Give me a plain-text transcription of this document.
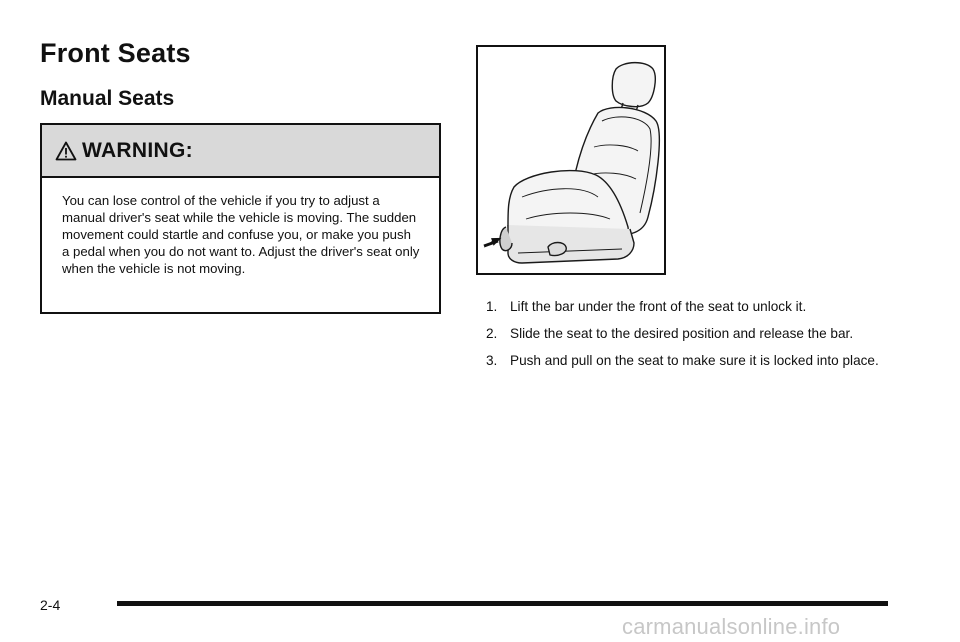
Front Seats
Manual Seats
WARNING:

You can lose control of the vehicle if you try to adjust a manual driver's seat while the vehicle is moving. The sudden movement could startle and confuse you, or make you push a pedal when you do not want to. Adjust the driver's seat only when the vehicle is not moving.

1. Lift the bar under the front of the seat to unlock it.
2. Slide the seat to the desired position and release the bar.
3. Push and pull on the seat to make sure it is locked into place.
2-4
carmanualsonline.info
